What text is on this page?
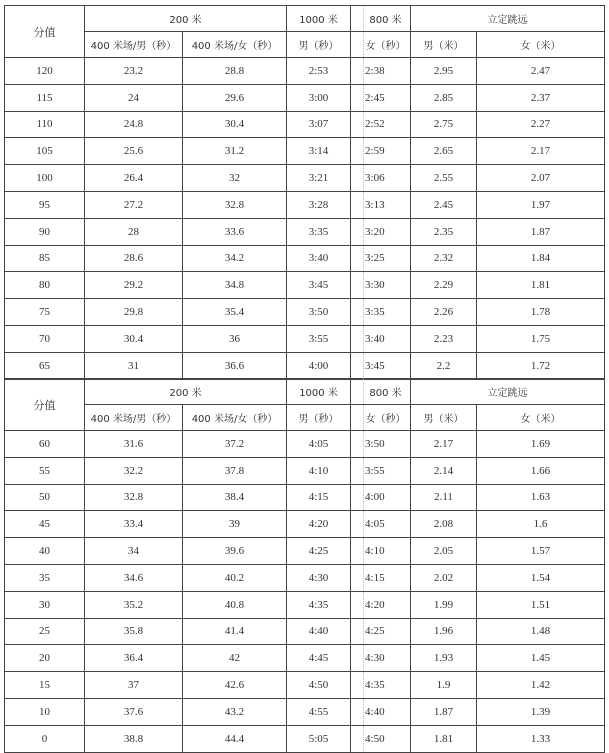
分值	200 米		1000 米	800 米	立定跳远	
	400 米场/男（秒）	400 米场/女（秒）	男（秒）	女（秒）	男（米）	女（米）
120	23.2	28.8	2:53	2:38	2.95	2.47
115	24	29.6	3:00	2:45	2.85	2.37
110	24.8	30.4	3:07	2:52	2.75	2.27
105	25.6	31.2	3:14	2:59	2.65	2.17
100	26.4	32	3:21	3:06	2.55	2.07
95	27.2	32.8	3:28	3:13	2.45	1.97
90	28	33.6	3:35	3:20	2.35	1.87
85	28.6	34.2	3:40	3:25	2.32	1.84
80	29.2	34.8	3:45	3:30	2.29	1.81
75	29.8	35.4	3:50	3:35	2.26	1.78
70	30.4	36	3:55	3:40	2.23	1.75
65	31	36.6	4:00	3:45	2.2	1.72
分值	200 米		1000 米	800 米	立定跳远	
	400 米场/男（秒）	400 米场/女（秒）	男（秒）	女（秒）	男（米）	女（米）
60	31.6	37.2	4:05	3:50	2.17	1.69
55	32.2	37.8	4:10	3:55	2.14	1.66
50	32.8	38.4	4:15	4:00	2.11	1.63
45	33.4	39	4:20	4:05	2.08	1.6
40	34	39.6	4:25	4:10	2.05	1.57
35	34.6	40.2	4:30	4:15	2.02	1.54
30	35.2	40.8	4:35	4:20	1.99	1.51
25	35.8	41.4	4:40	4:25	1.96	1.48
20	36.4	42	4:45	4:30	1.93	1.45
15	37	42.6	4:50	4:35	1.9	1.42
10	37.6	43.2	4:55	4:40	1.87	1.39
0	38.8	44.4	5:05	4:50	1.81	1.33
